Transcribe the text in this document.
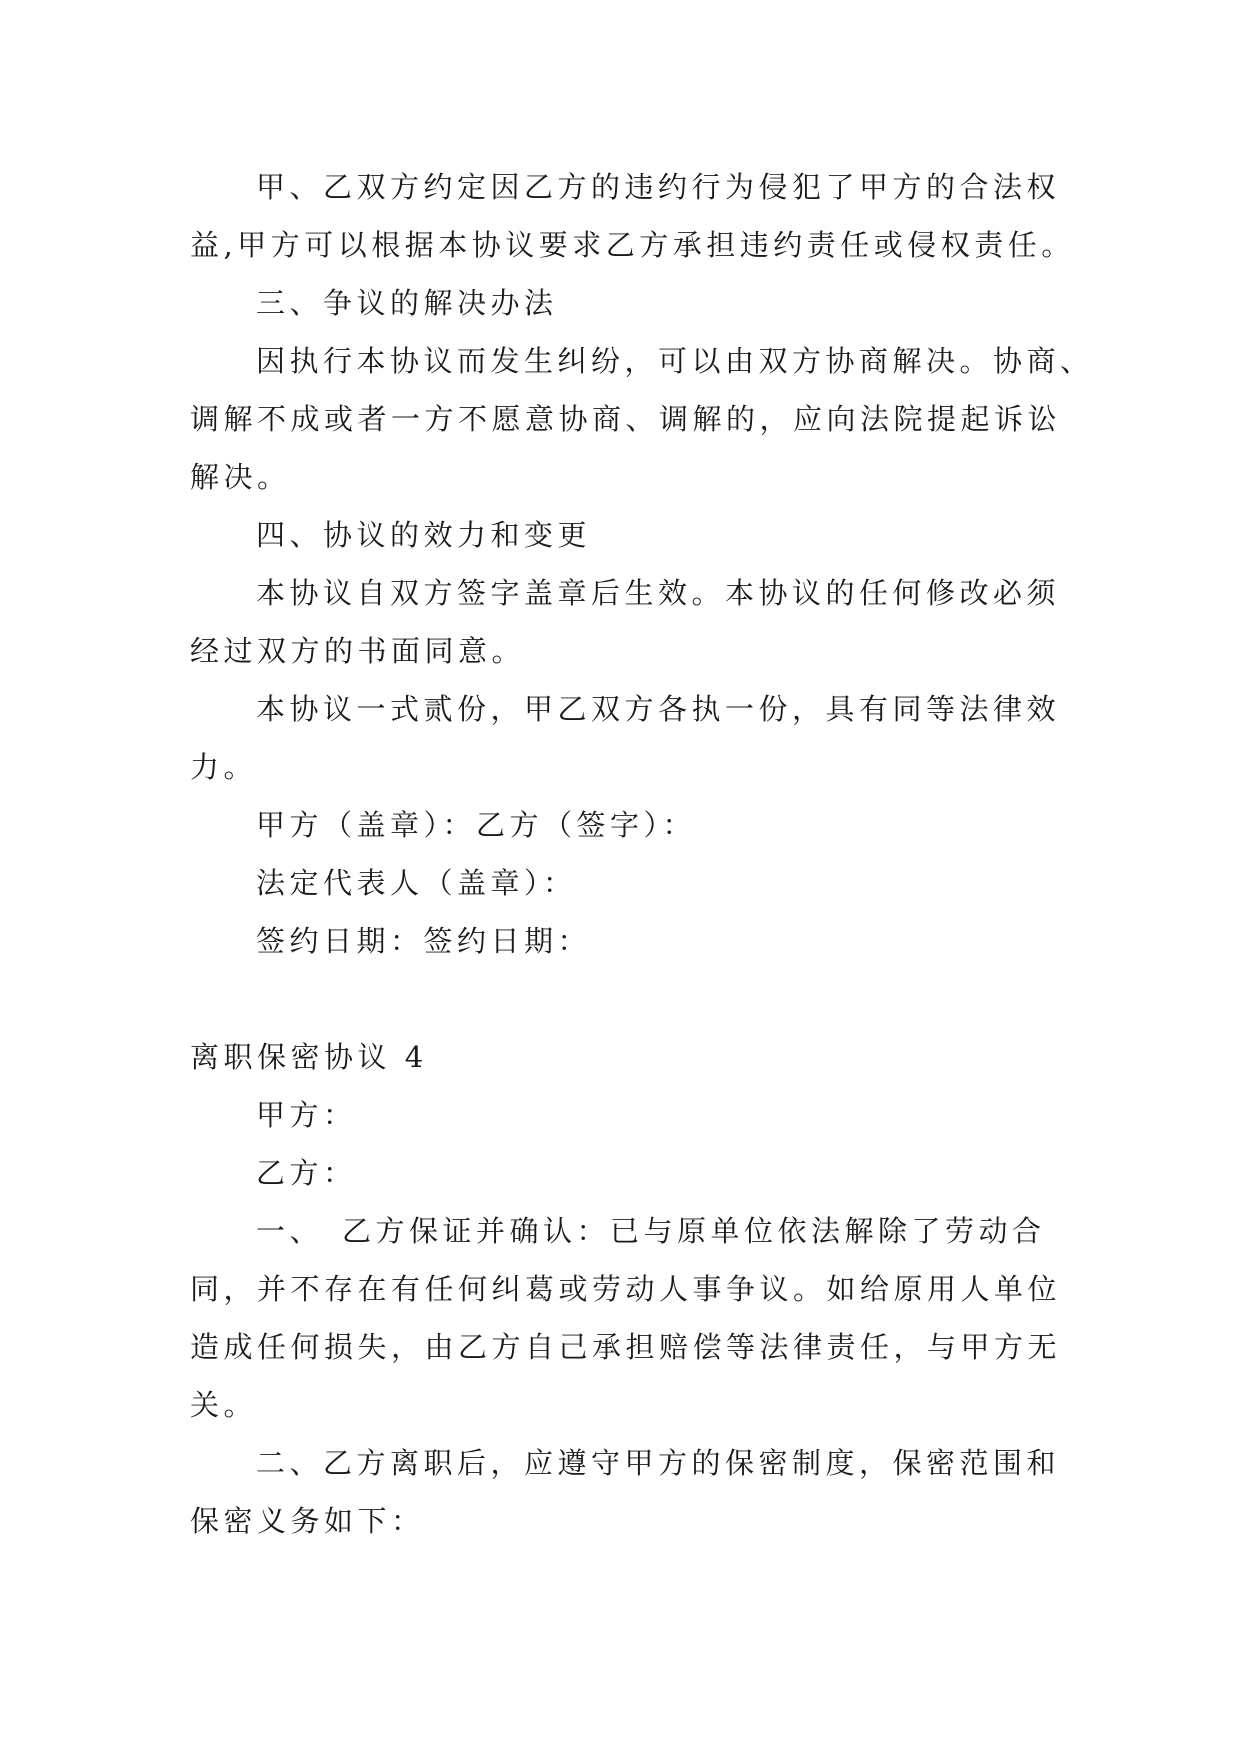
甲、乙双方约定因乙方的违约行为侵犯了甲方的合法权
益,甲方可以根据本协议要求乙方承担违约责任或侵权责任。
三、争议的解决办法
因执行本协议而发生纠纷，可以由双方协商解决。协商、
调解不成或者一方不愿意协商、调解的，应向法院提起诉讼
解决。
四、协议的效力和变更
本协议自双方签字盖章后生效。本协议的任何修改必须
经过双方的书面同意。
本协议一式贰份，甲乙双方各执一份，具有同等法律效
力。
甲方（盖章）：乙方（签字）：
法定代表人（盖章）：
签约日期：签约日期：
离职保密协议 4
甲方：
乙方：
一、　乙方保证并确认：已与原单位依法解除了劳动合
同，并不存在有任何纠葛或劳动人事争议。如给原用人单位
造成任何损失，由乙方自己承担赔偿等法律责任，与甲方无
关。
二、乙方离职后，应遵守甲方的保密制度，保密范围和
保密义务如下：
